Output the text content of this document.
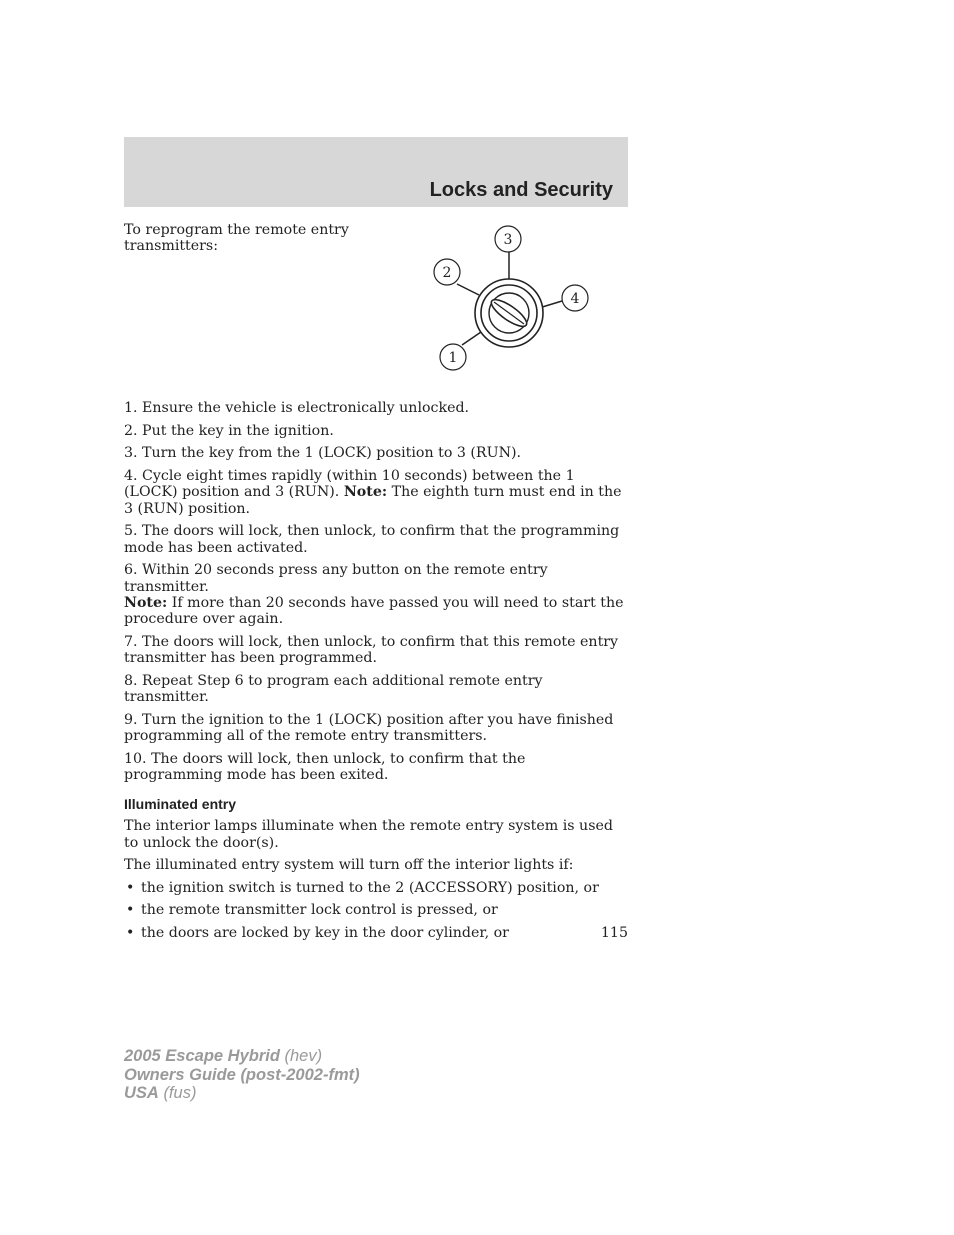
Locks and Security
To reprogram the remote entry transmitters:	3
2
4
1

1. Ensure the vehicle is electronically unlocked.

2. Put the key in the ignition.

3. Turn the key from the 1 (LOCK) position to 3 (RUN).

4. Cycle eight times rapidly (within 10 seconds) between the 1 (LOCK) position and 3 (RUN). Note: The eighth turn must end in the 3 (RUN) position.

5. The doors will lock, then unlock, to confirm that the programming mode has been activated.

6. Within 20 seconds press any button on the remote entry transmitter.
Note: If more than 20 seconds have passed you will need to start the procedure over again.

7. The doors will lock, then unlock, to confirm that this remote entry transmitter has been programmed.

8. Repeat Step 6 to program each additional remote entry transmitter.

9. Turn the ignition to the 1 (LOCK) position after you have finished programming all of the remote entry transmitters.

10. The doors will lock, then unlock, to confirm that the programming mode has been exited.

Illuminated entry

The interior lamps illuminate when the remote entry system is used to unlock the door(s).

The illuminated entry system will turn off the interior lights if:

• the ignition switch is turned to the 2 (ACCESSORY) position, or
• the remote transmitter lock control is pressed, or
• the doors are locked by key in the door cylinder, or	115
2005 Escape Hybrid (hev)
Owners Guide (post-2002-fmt)
USA (fus)
